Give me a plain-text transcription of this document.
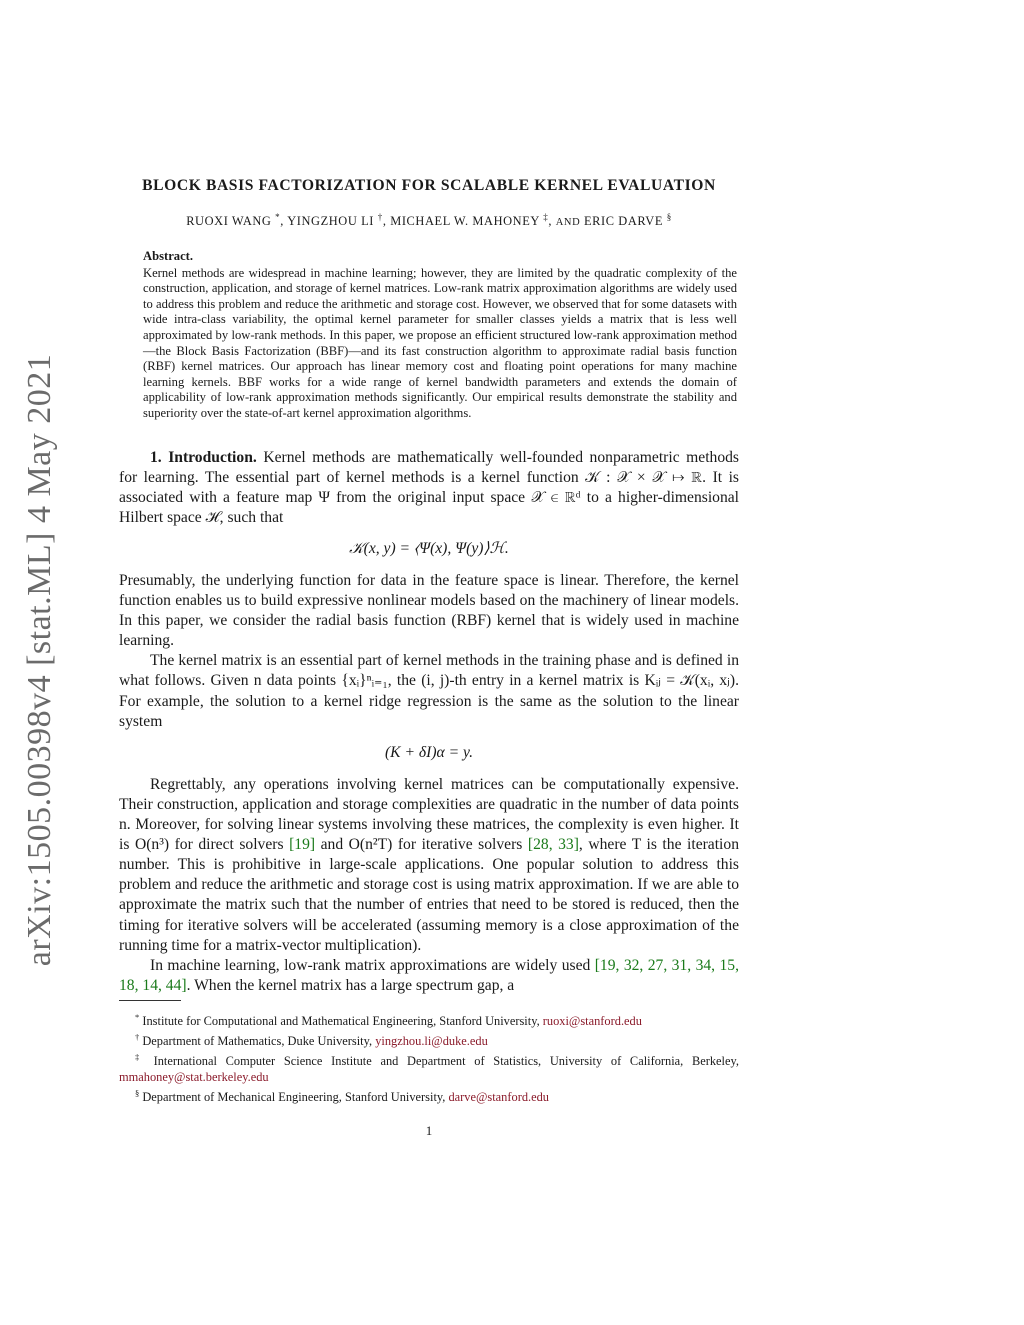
arXiv:1505.00398v4 [stat.ML] 4 May 2021
BLOCK BASIS FACTORIZATION FOR SCALABLE KERNEL EVALUATION
RUOXI WANG *, YINGZHOU LI †, MICHAEL W. MAHONEY ‡, AND ERIC DARVE §
Abstract.
Kernel methods are widespread in machine learning; however, they are limited by the quadratic complexity of the construction, application, and storage of kernel matrices. Low-rank matrix approximation algorithms are widely used to address this problem and reduce the arithmetic and storage cost. However, we observed that for some datasets with wide intra-class variability, the optimal kernel parameter for smaller classes yields a matrix that is less well approximated by low-rank methods. In this paper, we propose an efficient structured low-rank approximation method—the Block Basis Factorization (BBF)—and its fast construction algorithm to approximate radial basis function (RBF) kernel matrices. Our approach has linear memory cost and floating point operations for many machine learning kernels. BBF works for a wide range of kernel bandwidth parameters and extends the domain of applicability of low-rank approximation methods significantly. Our empirical results demonstrate the stability and superiority over the state-of-art kernel approximation algorithms.

1. Introduction. Kernel methods are mathematically well-founded nonparametric methods for learning. The essential part of kernel methods is a kernel function 𝒦 : 𝒳 × 𝒳 ↦ ℝ. It is associated with a feature map Ψ from the original input space 𝒳 ∈ ℝᵈ to a higher-dimensional Hilbert space ℋ, such that

𝒦(x, y) = ⟨Ψ(x), Ψ(y)⟩ℋ.

Presumably, the underlying function for data in the feature space is linear. Therefore, the kernel function enables us to build expressive nonlinear models based on the machinery of linear models. In this paper, we consider the radial basis function (RBF) kernel that is widely used in machine learning.

The kernel matrix is an essential part of kernel methods in the training phase and is defined in what follows. Given n data points {xᵢ}ⁿᵢ₌₁, the (i, j)-th entry in a kernel matrix is Kᵢⱼ = 𝒦(xᵢ, xⱼ). For example, the solution to a kernel ridge regression is the same as the solution to the linear system

(K + δI)α = y.

Regrettably, any operations involving kernel matrices can be computationally expensive. Their construction, application and storage complexities are quadratic in the number of data points n. Moreover, for solving linear systems involving these matrices, the complexity is even higher. It is O(n³) for direct solvers [19] and O(n²T) for iterative solvers [28, 33], where T is the iteration number. This is prohibitive in large-scale applications. One popular solution to address this problem and reduce the arithmetic and storage cost is using matrix approximation. If we are able to approximate the matrix such that the number of entries that need to be stored is reduced, then the timing for iterative solvers will be accelerated (assuming memory is a close approximation of the running time for a matrix-vector multiplication).

In machine learning, low-rank matrix approximations are widely used [19, 32, 27, 31, 34, 15, 18, 14, 44]. When the kernel matrix has a large spectrum gap, a

* Institute for Computational and Mathematical Engineering, Stanford University, ruoxi@stanford.edu

† Department of Mathematics, Duke University, yingzhou.li@duke.edu

‡ International Computer Science Institute and Department of Statistics, University of California, Berkeley, mmahoney@stat.berkeley.edu

§ Department of Mechanical Engineering, Stanford University, darve@stanford.edu

1
